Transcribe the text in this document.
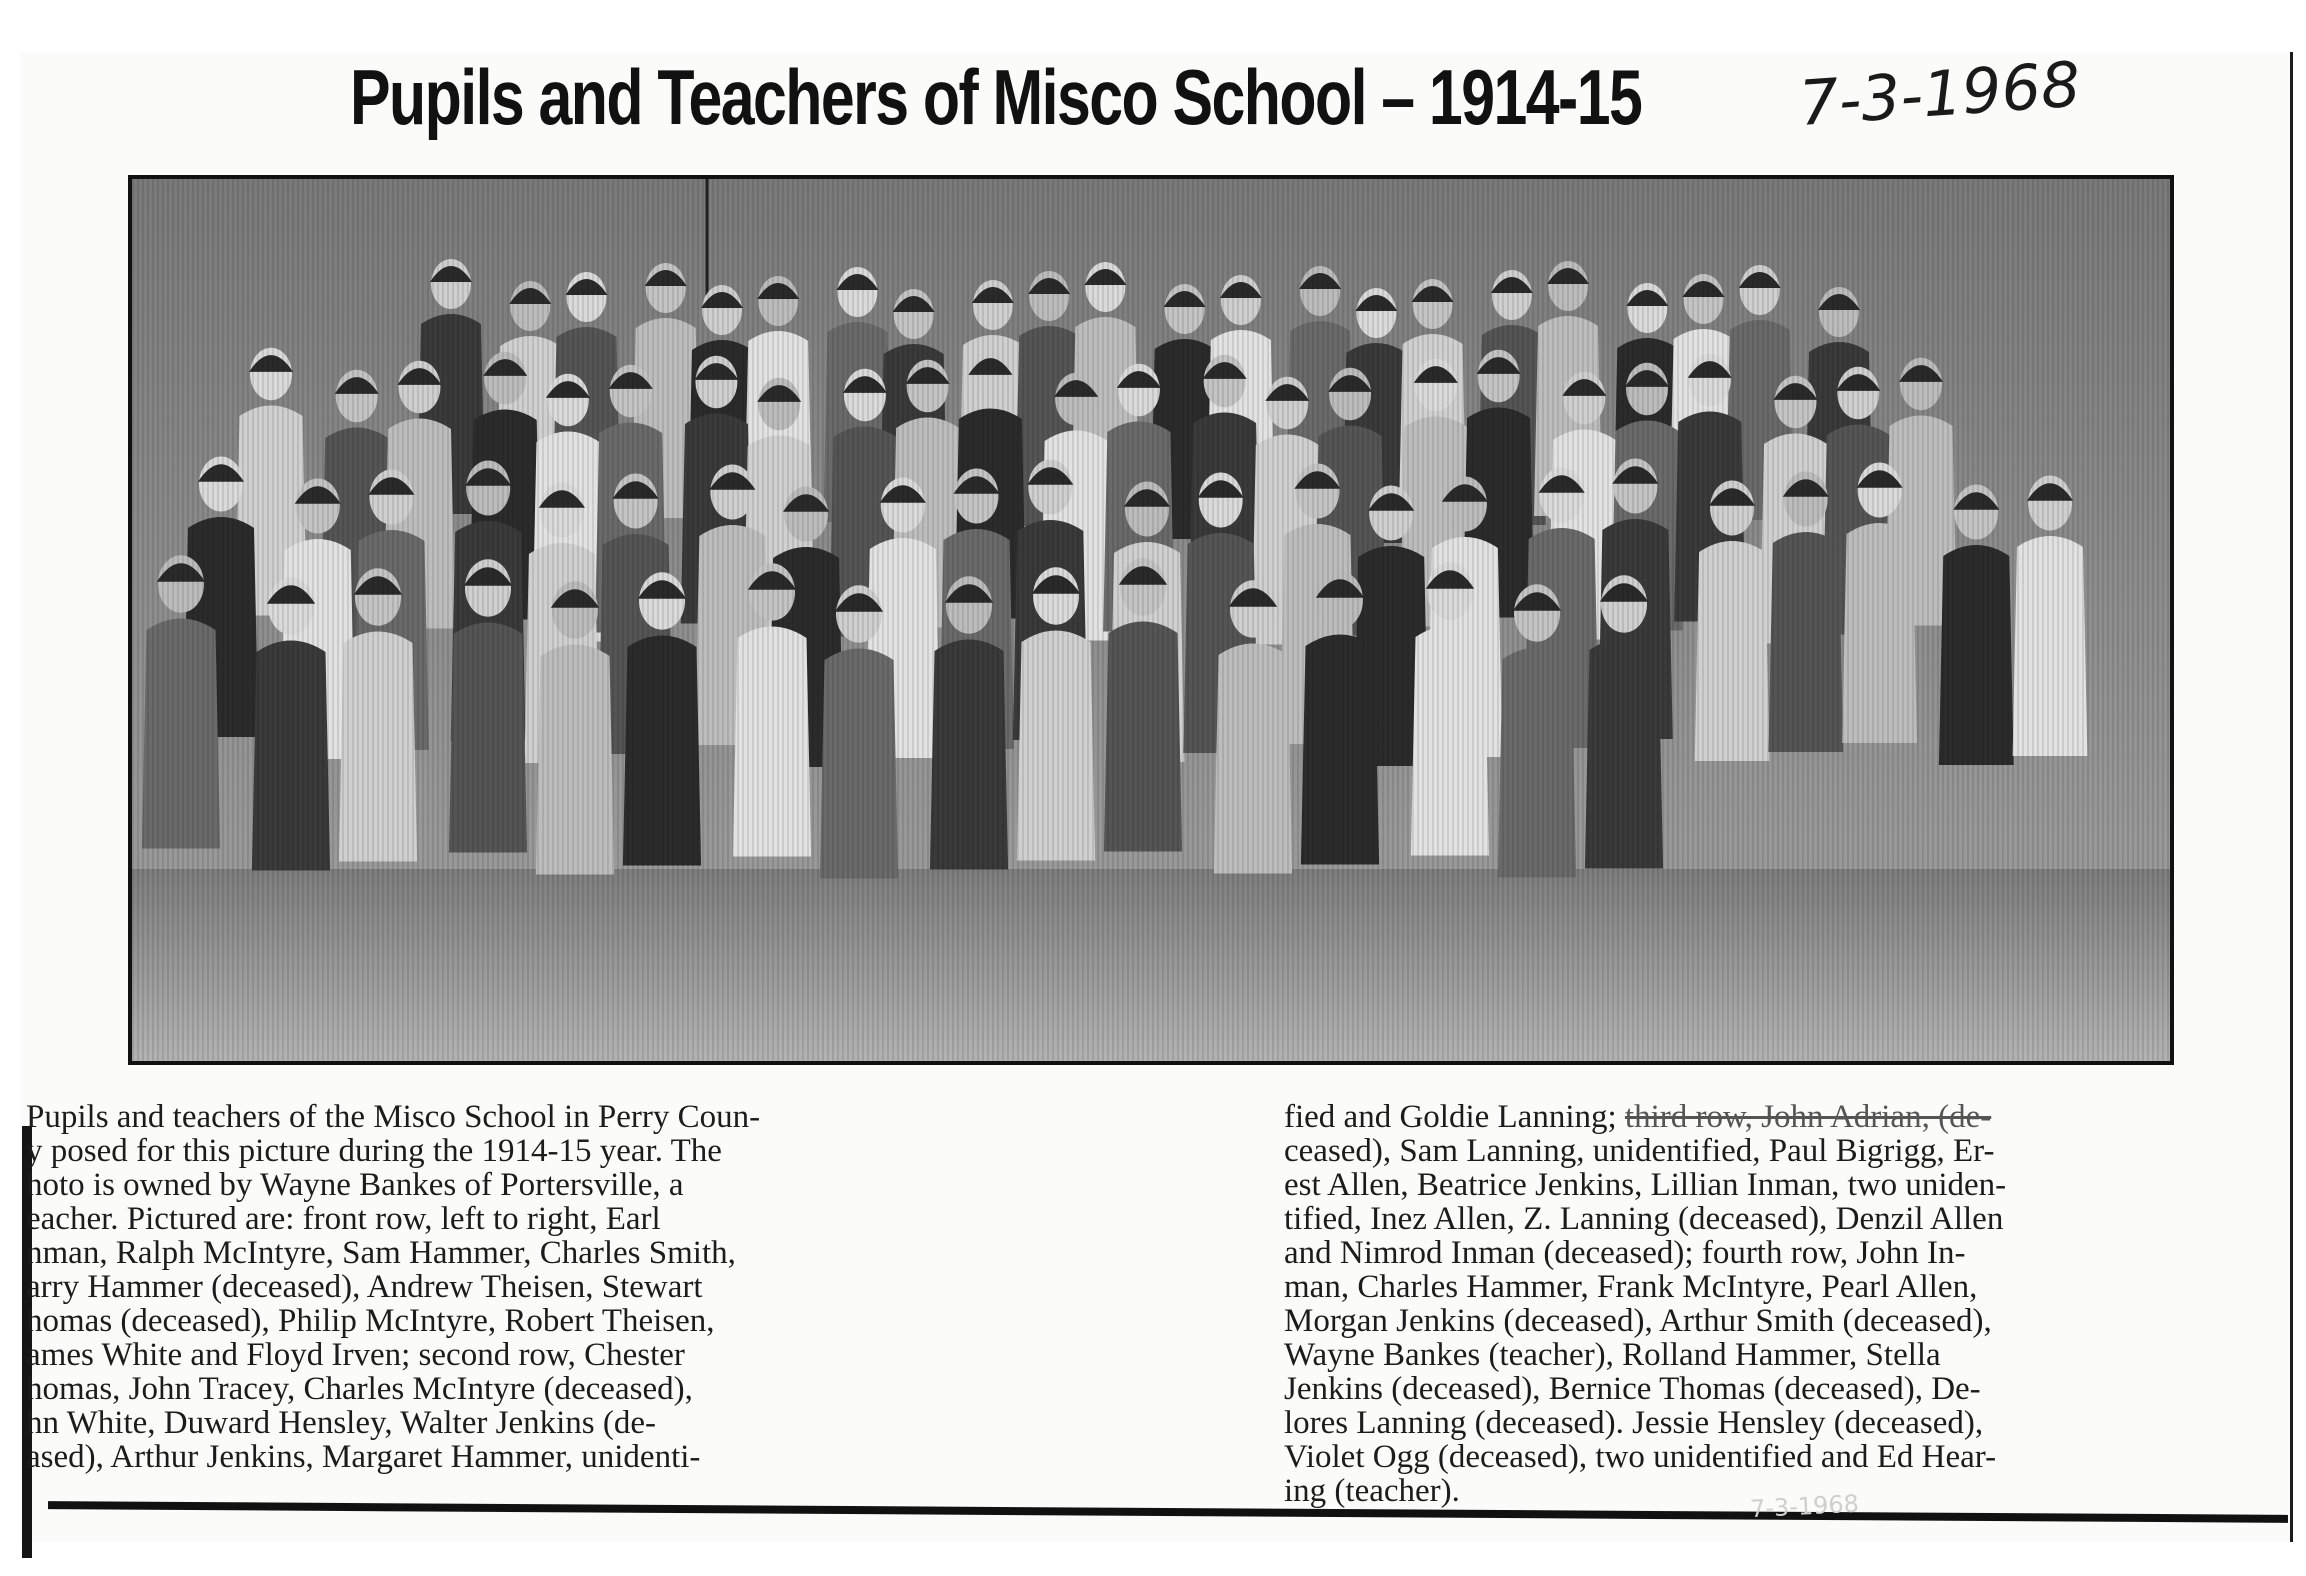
Pupils and Teachers of Misco School – 1914-15	7-3-1968
Pupils and teachers of the Misco School in Perry Coun-
y posed for this picture during the 1914-15 year. The
hoto is owned by Wayne Bankes of Portersville, a
eacher. Pictured are: front row, left to right, Earl
nman, Ralph McIntyre, Sam Hammer, Charles Smith,
arry Hammer (deceased), Andrew Theisen, Stewart
homas (deceased), Philip McIntyre, Robert Theisen,
ames White and Floyd Irven; second row, Chester
homas, John Tracey, Charles McIntyre (deceased),
hn White, Duward Hensley, Walter Jenkins (de-
ased), Arthur Jenkins, Margaret Hammer, unidenti-
fied and Goldie Lanning; third row, John Adrian, (de-
ceased), Sam Lanning, unidentified, Paul Bigrigg, Er-
est Allen, Beatrice Jenkins, Lillian Inman, two uniden-
tified, Inez Allen, Z. Lanning (deceased), Denzil Allen
and Nimrod Inman (deceased); fourth row, John In-
man, Charles Hammer, Frank McIntyre, Pearl Allen,
Morgan Jenkins (deceased), Arthur Smith (deceased),
Wayne Bankes (teacher), Rolland Hammer, Stella
Jenkins (deceased), Bernice Thomas (deceased), De-
lores Lanning (deceased). Jessie Hensley (deceased),
Violet Ogg (deceased), two unidentified and Ed Hear-
ing (teacher).	7-3-1968
